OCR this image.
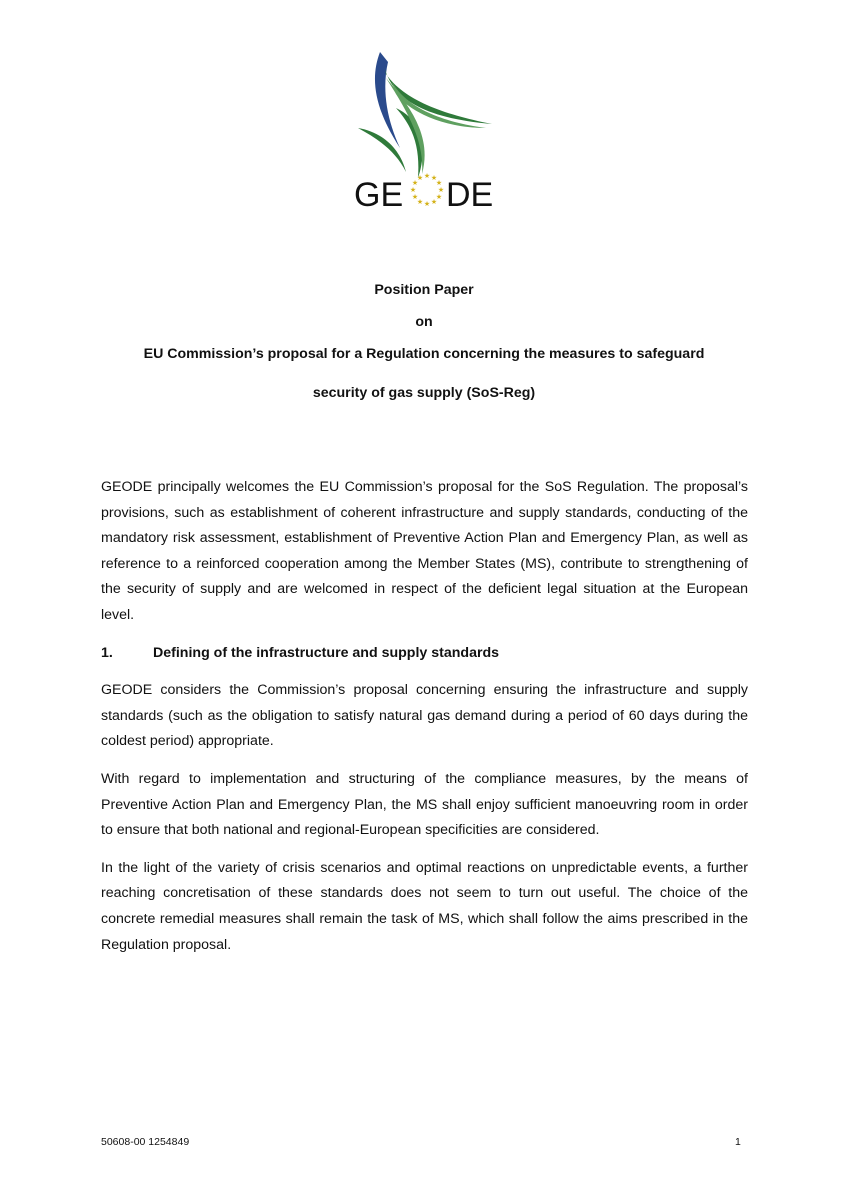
GE DE
★ ★
★
★
★
★
★
★
★
★
★
★

Position Paper

on

EU Commission’s proposal for a Regulation concerning the measures to safeguard

security of gas supply (SoS-Reg)

GEODE principally welcomes the EU Commission’s proposal for the SoS Regulation. The proposal’s provisions, such as establishment of coherent infrastructure and supply standards, conducting of the mandatory risk assessment, establishment of Preventive Action Plan and Emergency Plan, as well as reference to a reinforced cooperation among the Member States (MS), contribute to strengthening of the security of supply and are welcomed in respect of the deficient legal situation at the European level.

1.	Defining of the infrastructure and supply standards

GEODE considers the Commission’s proposal concerning ensuring the infrastructure and supply standards (such as the obligation to satisfy natural gas demand during a period of 60 days during the coldest period) appropriate.

With regard to implementation and structuring of the compliance measures, by the means of Preventive Action Plan and Emergency Plan, the MS shall enjoy sufficient manoeuvring room in order to ensure that both national and regional-European specificities are considered.

In the light of the variety of crisis scenarios and optimal reactions on unpredictable events, a further reaching concretisation of these standards does not seem to turn out useful. The choice of the concrete remedial measures shall remain the task of MS, which shall follow the aims prescribed in the Regulation proposal.

50608-00 1254849	1
